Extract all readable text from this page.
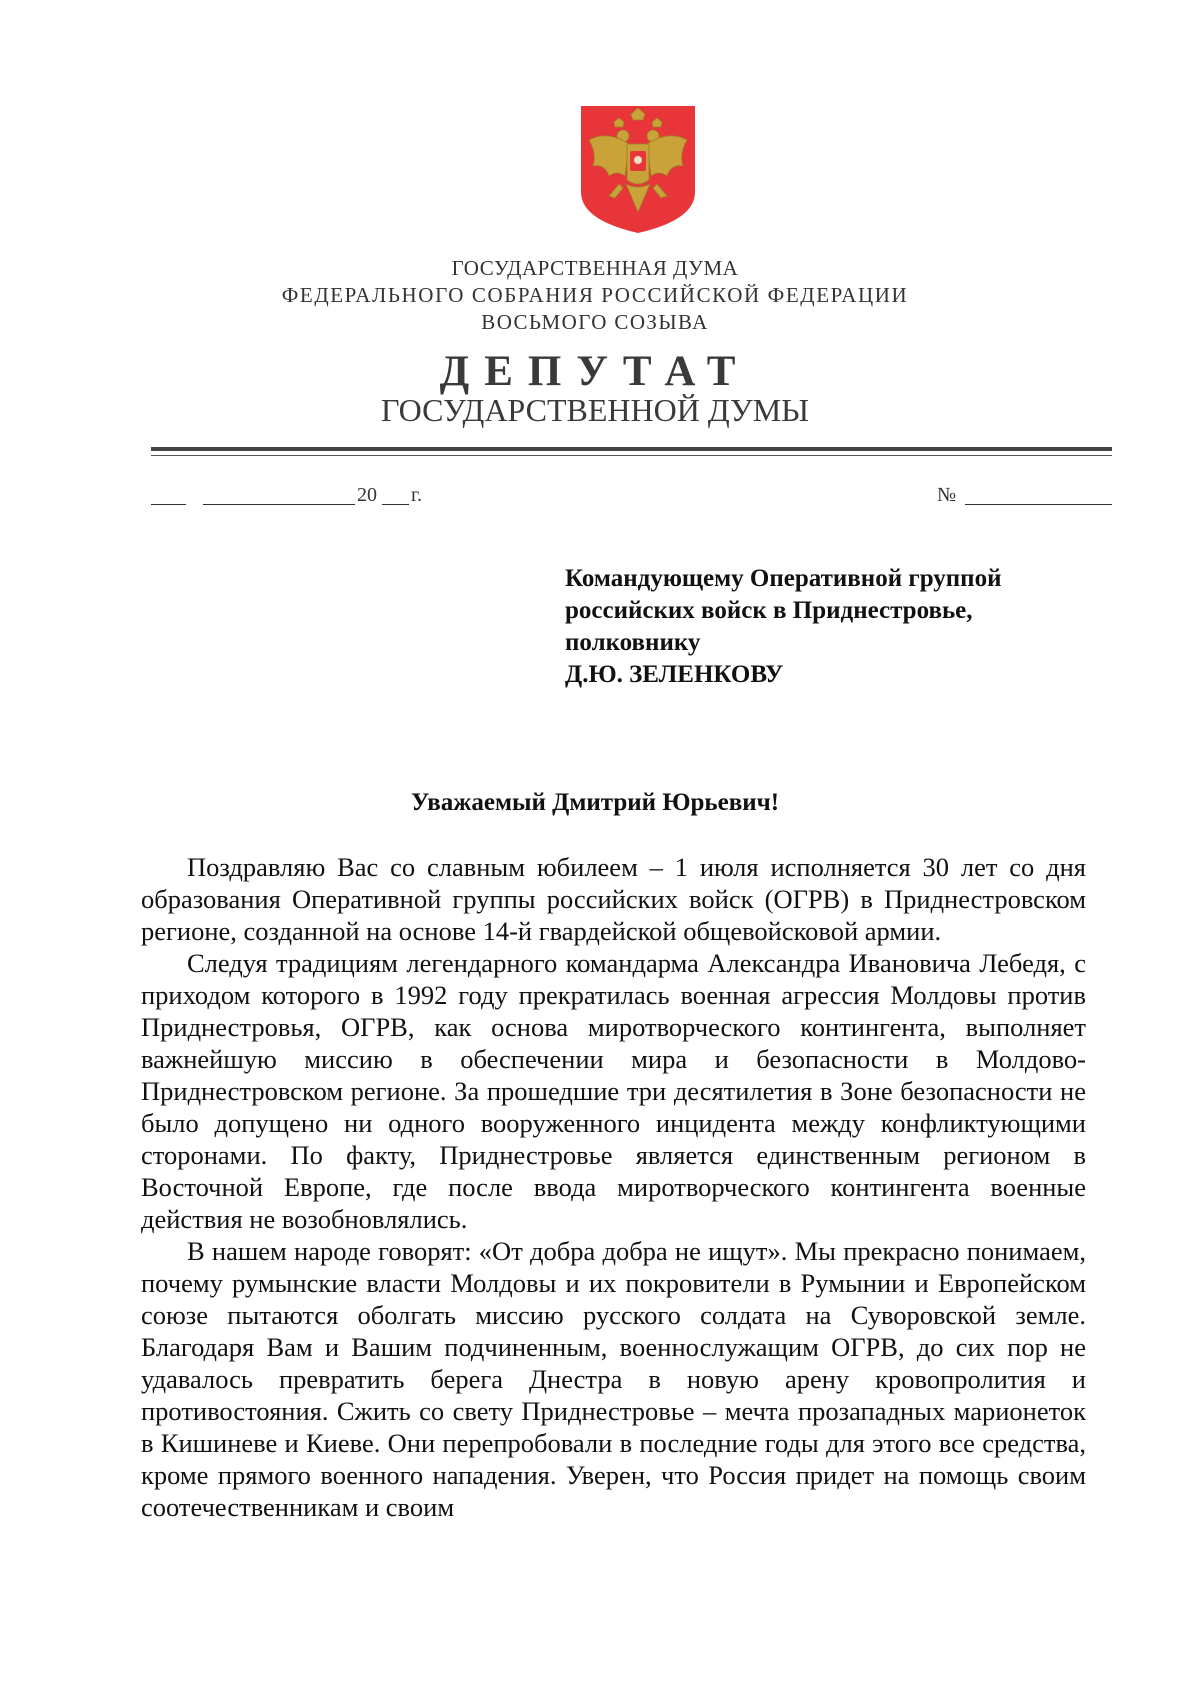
ГОСУДАРСТВЕННАЯ ДУМА
ФЕДЕРАЛЬНОГО СОБРАНИЯ РОССИЙСКОЙ ФЕДЕРАЦИИ
ВОСЬМОГО СОЗЫВА
ДЕПУТАТ
ГОСУДАРСТВЕННОЙ ДУМЫ
20 г.	№
Командующему Оперативной группой
российских войск в Приднестровье,
полковнику
Д.Ю. ЗЕЛЕНКОВУ
Уважаемый Дмитрий Юрьевич!

Поздравляю Вас со славным юбилеем – 1 июля исполняется 30 лет со дня образования Оперативной группы российских войск (ОГРВ) в Приднестровском регионе, созданной на основе 14-й гвардейской общевойсковой армии.

Следуя традициям легендарного командарма Александра Ивановича Лебедя, с приходом которого в 1992 году прекратилась военная агрессия Молдовы против Приднестровья, ОГРВ, как основа миротворческого контингента, выполняет важнейшую миссию в обеспечении мира и безопасности в Молдово-Приднестровском регионе. За прошедшие три десятилетия в Зоне безопасности не было допущено ни одного вооруженного инцидента между конфликтующими сторонами. По факту, Приднестровье является единственным регионом в Восточной Европе, где после ввода миротворческого контингента военные действия не возобновлялись.

В нашем народе говорят: «От добра добра не ищут». Мы прекрасно понимаем, почему румынские власти Молдовы и их покровители в Румынии и Европейском союзе пытаются оболгать миссию русского солдата на Суворовской земле. Благодаря Вам и Вашим подчиненным, военнослужащим ОГРВ, до сих пор не удавалось превратить берега Днестра в новую арену кровопролития и противостояния. Сжить со свету Приднестровье – мечта прозападных марионеток в Кишиневе и Киеве. Они перепробовали в последние годы для этого все средства, кроме прямого военного нападения. Уверен, что Россия придет на помощь своим соотечественникам и своим
